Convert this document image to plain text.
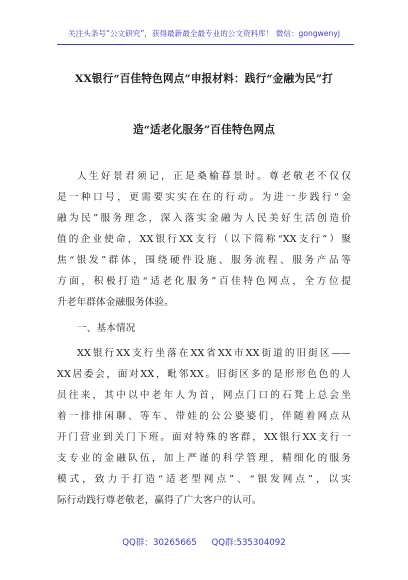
关注头条号“公文研究”，获得最新最全最专业的公文资料库！ 微信：gongwenyj
XX银行“百佳特色网点”申报材料：践行“金融为民”打
造“适老化服务”百佳特色网点
人生好景君须记，正是桑榆暮景时。尊老敬老不仅仅
是一种口号，更需要实实在在的行动。为进一步践行“金
融为民”服务理念，深入落实金融为人民美好生活创造价
值的企业使命，XX银行XX支行（以下简称“XX支行”）聚
焦“银发”群体，围绕硬件设施、服务流程、服务产品等
方面，积极打造“适老化服务”百佳特色网点，全方位提
升老年群体金融服务体验。
一、基本情况
XX银行XX支行坐落在XX省XX市XX街道的旧街区——
XX居委会，面对XX，毗邻XX。旧街区多的是形形色色的人
员往来，其中以中老年人为首，网点门口的石凳上总会坐
着一排排闲聊、等车、带娃的公公婆婆们，伴随着网点从
开门营业到关门下班。面对特殊的客群，XX银行XX支行一
支专业的金融队伍，加上严谨的科学管理，精细化的服务
模式，致力于打造“适老型网点”、“银发网点”，以实
际行动践行尊老敬老，赢得了广大客户的认可。
QQ群：30265665 QQ群:535304092
